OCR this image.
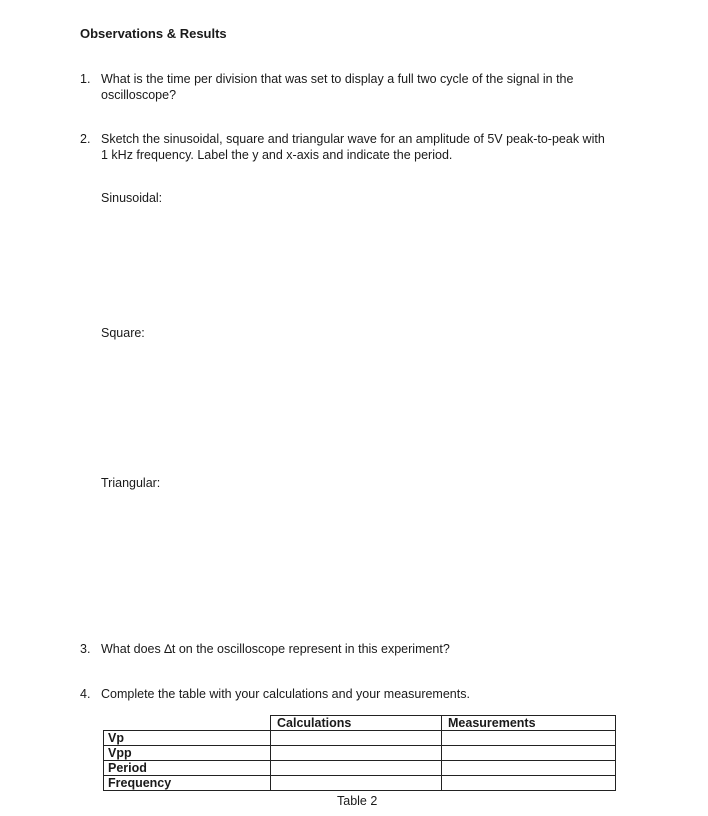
Observations & Results
1. What is the time per division that was set to display a full two cycle of the signal in the oscilloscope?
2. Sketch the sinusoidal, square and triangular wave for an amplitude of 5V peak-to-peak with 1 kHz frequency. Label the y and x-axis and indicate the period.
Sinusoidal:
Square:
Triangular:
3. What does ∆t on the oscilloscope represent in this experiment?
4. Complete the table with your calculations and your measurements.
	Calculations	Measurements
Vp		
Vpp		
Period		
Frequency		
Table 2
